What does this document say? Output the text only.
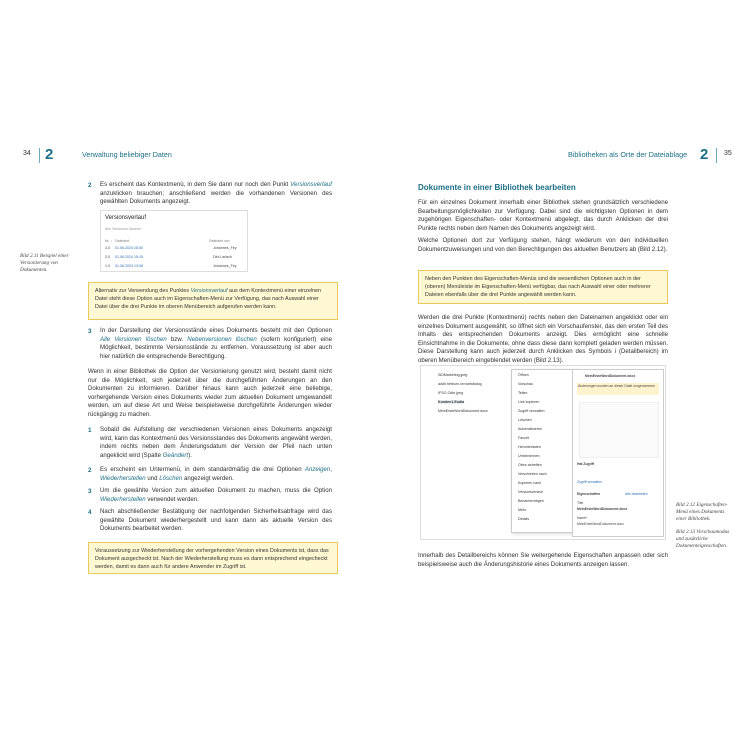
34 2	Verwaltung beliebiger Daten	Bibliotheken als Orte der Dateiablage 2 35
2 Es erscheint das Kontextmenü, in dem Sie dann nur noch den Punkt Versionsverlauf anzuklicken brauchen; anschließend werden die vorhandenen Versionen des gewählten Dokuments angezeigt.
Versionsverlauf
Alle Versionen löschen
Nr. ↓ Geändert	Geändert von
3.0 01.06.2024 15:50	Johannes_Fey
2.0 01.06.2024 15:15	Dirk Larisch
1.0 01.06.2024 13:08	Johannes_Fey
Bild 2.11 Beispiel einer Versionierung von Dokumenten.
Alternativ zur Verwendung des Punktes Versionsverlauf aus dem Kontextmenü einer einzelnen Datei steht diese Option auch im Eigenschaften-Menü zur Verfügung, das nach Auswahl einer Datei über die drei Punkte im oberen Menübereich aufgerufen werden kann.
3 In der Darstellung der Versionsstände eines Dokuments besteht mit den Optionen Alle Versionen löschen bzw. Nebenversionen löschen (sofern konfiguriert) eine Möglichkeit, bestimmte Versionsstände zu entfernen. Voraussetzung ist aber auch hier natürlich die entsprechende Berechtigung.
Wenn in einer Bibliothek die Option der Versionierung genutzt wird, besteht damit nicht nur die Möglichkeit, sich jederzeit über die durchgeführten Änderungen an den Dokumenten zu informieren. Darüber hinaus kann auch jederzeit eine beliebige, vorhergehende Version eines Dokuments wieder zum aktuellen Dokument umgewandelt werden, um auf diese Art und Weise beispielsweise durchgeführte Änderungen wieder rückgängig zu machen.
1 Sobald die Aufstellung der verschiedenen Versionen eines Dokuments angezeigt wird, kann das Kontextmenü des Versionsstandes des Dokuments angewählt werden, indem rechts neben dem Änderungsdatum der Version der Pfeil nach unten angeklickt wird (Spalte Geändert).
2 Es erscheint ein Untermenü, in dem standardmäßig die drei Optionen Anzeigen, Wiederherstellen und Löschen angezeigt werden.
3 Um die gewählte Version zum aktuellen Dokument zu machen, muss die Option Wiederherstellen verwendet werden.
4 Nach abschließender Bestätigung der nachfolgenden Sicherheitsabfrage wird das gewählte Dokument wiederhergestellt und kann dann als aktuelle Version des Dokuments bearbeitet werden.
Voraussetzung zur Wiederherstellung der vorhergehenden Version eines Dokuments ist, dass das Dokument ausgecheckt ist. Nach der Wiederherstellung muss es dann entsprechend eingecheckt werden, damit es dann auch für andere Anwender im Zugriff ist.
Dokumente in einer Bibliothek bearbeiten
Für ein einzelnes Dokument innerhalb einer Bibliothek stehen grundsätzlich verschiedene Bearbeitungsmöglichkeiten zur Verfügung. Dabei sind die wichtigsten Optionen in dem zugehörigen Eigenschaften- oder Kontextmenü abgelegt, das durch Anklicken der drei Punkte rechts neben dem Namen des Dokuments angezeigt wird.
Welche Optionen dort zur Verfügung stehen, hängt wiederum von den individuellen Dokumentzuweisungen und von den Berechtigungen des aktuellen Benutzers ab (Bild 2.12).
Neben den Punkten des Eigenschaften-Menüs sind die wesentlichen Optionen auch in der (oberen) Menüleiste im Eigenschaften-Menü verfügbar, das nach Auswahl einer oder mehrerer Dateien ebenfalls über die drei Punkte angewählt werden kann.
Werden die drei Punkte (Kontextmenü) rechts neben den Dateinamen angeklickt oder ein einzelnes Dokument ausgewählt, so öffnet sich ein Vorschaufenster, das den ersten Teil des Inhalts des entsprechenden Dokuments anzeigt. Dies ermöglicht eine schnelle Einsichtnahme in die Dokumente, ohne dass diese dann komplett geladen werden müssen. Diese Darstellung kann auch jederzeit durch Anklicken des Symbols i (Detailbereich) im oberen Menübereich eingeblendet werden (Bild 2.13).
SiDMarketing.jpeg
addit netbum.nrv.webdialog
IFSO-Odie.jpeg
Kunden1.Eudia
MeinErsteWordDokument.docx
Öffnen
Vorschau
Teilen
Link kopieren
Zugriff verwalten
Löschen
Automatisieren
Favorit
Herunterladen
Umbenennen
Oben anheften
Verschieben nach
Kopieren nach
Versionsverlauf
Benachrichtigen
Mehr
Details
MeinErsteWordDokument.docx
Änderungen wurden an dieser Datei vorgenommen
Hat Zugriff
Zugriff verwalten
Eigenschaften	Alle bearbeiten
Titel
MeinErsteWordDokument.docx
Name*
MeinErsteWordDokument.docx
Bild 2.12 Eigenschaften-Menü eines Dokuments einer Bibliothek.
Bild 2.13 Vorschaumodus und zusätzliche Dokumenteigenschaften.
Innerhalb des Detailbereichs können Sie weitergehende Eigenschaften anpassen oder sich beispielsweise auch die Änderungshistorie eines Dokuments anzeigen lassen.
